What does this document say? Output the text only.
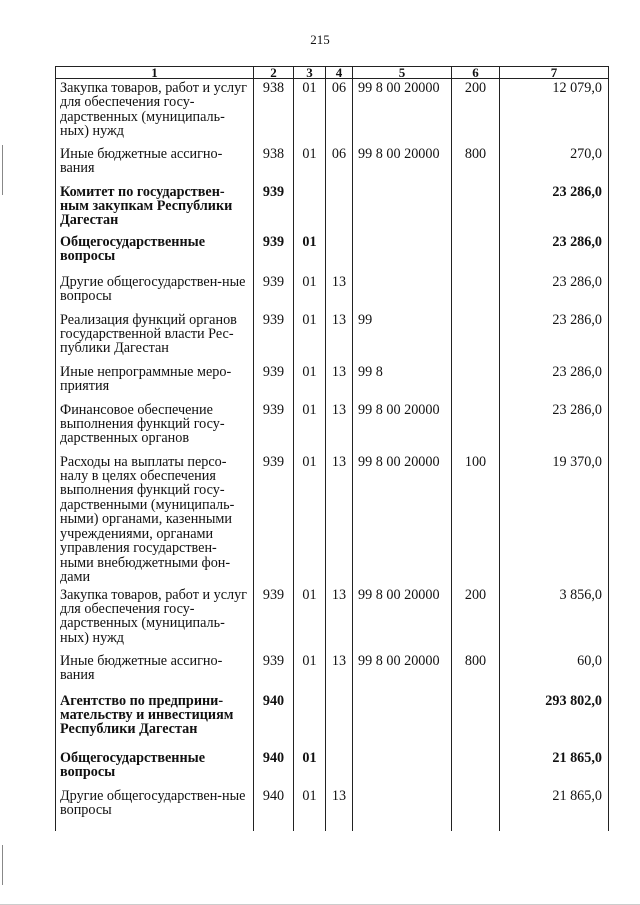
215
1	2	3	4	5	6	7
Закупка товаров, работ и услуг для обеспечения госу-дарственных (муниципаль-ных) нужд	938	01	06	99 8 00 20000	200	12 079,0
Иные бюджетные ассигно-вания	938	01	06	99 8 00 20000	800	270,0
Комитет по государствен-ным закупкам Республики Дагестан	939					23 286,0
Общегосударственные вопросы	939	01				23 286,0
Другие общегосударствен-ные вопросы	939	01	13			23 286,0
Реализация функций органов государственной власти Рес-публики Дагестан	939	01	13	99		23 286,0
Иные непрограммные меро-приятия	939	01	13	99 8		23 286,0
Финансовое обеспечение выполнения функций госу-дарственных органов	939	01	13	99 8 00 20000		23 286,0
Расходы на выплаты персо-налу в целях обеспечения выполнения функций госу-дарственными (муниципаль-ными) органами, казенными учреждениями, органами управления государствен-ными внебюджетными фон-дами	939	01	13	99 8 00 20000	100	19 370,0
Закупка товаров, работ и услуг для обеспечения госу-дарственных (муниципаль-ных) нужд	939	01	13	99 8 00 20000	200	3 856,0
Иные бюджетные ассигно-вания	939	01	13	99 8 00 20000	800	60,0
Агентство по предприни-мательству и инвестициям Республики Дагестан	940					293 802,0
Общегосударственные вопросы	940	01				21 865,0
Другие общегосударствен-ные вопросы	940	01	13			21 865,0
